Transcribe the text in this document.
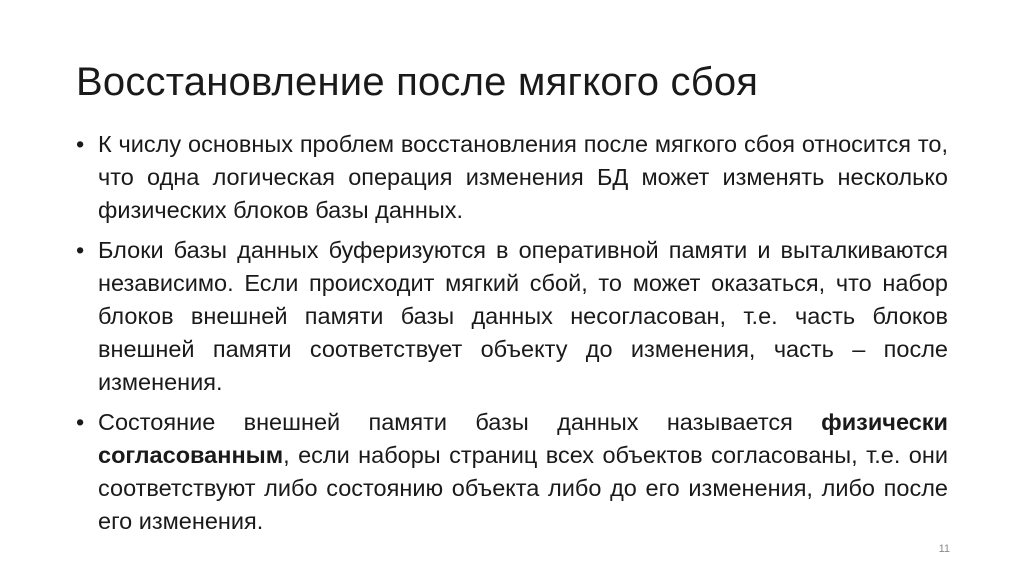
Восстановление после мягкого сбоя
• К числу основных проблем восстановления после мягкого сбоя относится то, что одна логическая операция изменения БД может изменять несколько физических блоков базы данных.
• Блоки базы данных буферизуются в оперативной памяти и выталкиваются независимо. Если происходит мягкий сбой, то может оказаться, что набор блоков внешней памяти базы данных несогласован, т.е. часть блоков внешней памяти соответствует объекту до изменения, часть – после изменения.
• Состояние внешней памяти базы данных называется физически согласованным, если наборы страниц всех объектов согласованы, т.е. они соответствуют либо состоянию объекта либо до его изменения, либо после его изменения.
11
